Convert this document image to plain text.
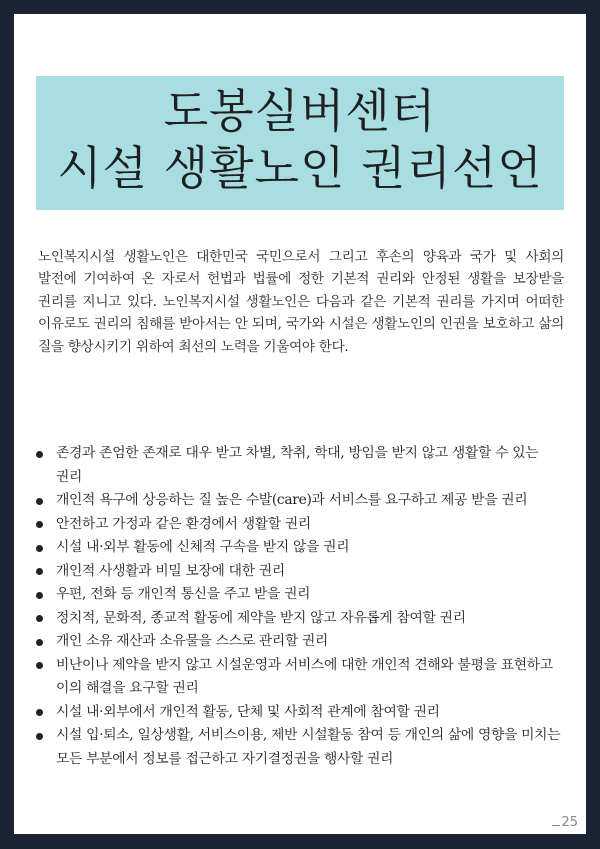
도봉실버센터
시설 생활노인 권리선언

노인복지시설 생활노인은 대한민국 국민으로서 그리고 후손의 양육과 국가 및 사회의 발전에 기여하여 온 자로서 헌법과 법률에 정한 기본적 권리와 안정된 생활을 보장받을 권리를 지니고 있다. 노인복지시설 생활노인은 다음과 같은 기본적 권리를 가지며 어떠한 이유로도 권리의 침해를 받아서는 안 되며, 국가와 시설은 생활노인의 인권을 보호하고 삶의 질을 향상시키기 위하여 최선의 노력을 기울여야 한다.

존경과 존엄한 존재로 대우 받고 차별, 착취, 학대, 방임을 받지 않고 생활할 수 있는 권리
개인적 욕구에 상응하는 질 높은 수발(care)과 서비스를 요구하고 제공 받을 권리
안전하고 가정과 같은 환경에서 생활할 권리
시설 내·외부 활동에 신체적 구속을 받지 않을 권리
개인적 사생활과 비밀 보장에 대한 권리
우편, 전화 등 개인적 통신을 주고 받을 권리
정치적, 문화적, 종교적 활동에 제약을 받지 않고 자유롭게 참여할 권리
개인 소유 재산과 소유물을 스스로 관리할 권리
비난이나 제약을 받지 않고 시설운영과 서비스에 대한 개인적 견해와 불평을 표현하고 이의 해결을 요구할 권리
시설 내·외부에서 개인적 활동, 단체 및 사회적 관계에 참여할 권리
시설 입·퇴소, 일상생활, 서비스이용, 제반 시설활동 참여 등 개인의 삶에 영향을 미치는 모든 부분에서 정보를 접근하고 자기결정권을 행사할 권리
25
